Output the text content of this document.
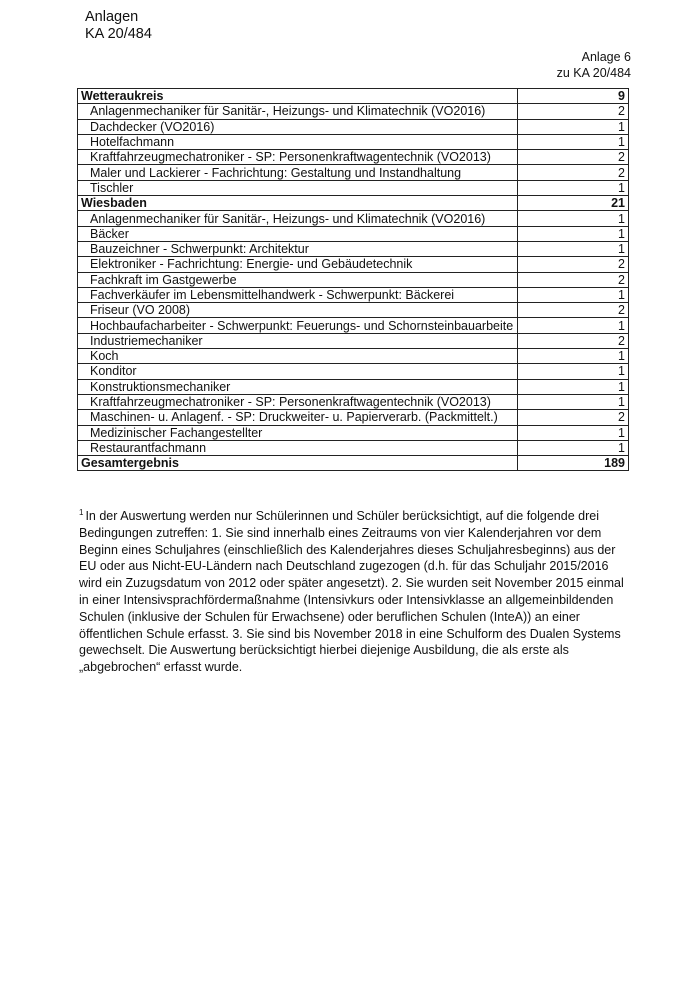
Anlagen
KA 20/484
Anlage 6
zu KA 20/484
Wetteraukreis	9
Anlagenmechaniker für Sanitär-, Heizungs- und Klimatechnik (VO2016)	2
Dachdecker (VO2016)	1
Hotelfachmann	1
Kraftfahrzeugmechatroniker - SP: Personenkraftwagentechnik (VO2013)	2
Maler und Lackierer - Fachrichtung: Gestaltung und Instandhaltung	2
Tischler	1
Wiesbaden	21
Anlagenmechaniker für Sanitär-, Heizungs- und Klimatechnik (VO2016)	1
Bäcker	1
Bauzeichner - Schwerpunkt: Architektur	1
Elektroniker - Fachrichtung: Energie- und Gebäudetechnik	2
Fachkraft im Gastgewerbe	2
Fachverkäufer im Lebensmittelhandwerk - Schwerpunkt: Bäckerei	1
Friseur (VO 2008)	2
Hochbaufacharbeiter - Schwerpunkt: Feuerungs- und Schornsteinbauarbeite	1
Industriemechaniker	2
Koch	1
Konditor	1
Konstruktionsmechaniker	1
Kraftfahrzeugmechatroniker - SP: Personenkraftwagentechnik (VO2013)	1
Maschinen- u. Anlagenf. - SP: Druckweiter- u. Papierverarb. (Packmittelt.)	2
Medizinischer Fachangestellter	1
Restaurantfachmann	1
Gesamtergebnis	189
$^1$ In der Auswertung werden nur Schülerinnen und Schüler berücksichtigt, auf die folgende drei Bedingungen zutreffen: 1. Sie sind innerhalb eines Zeitraums von vier Kalenderjahren vor dem Beginn eines Schuljahres (einschließlich des Kalenderjahres dieses Schuljahresbeginns) aus der EU oder aus Nicht-EU-Ländern nach Deutschland zugezogen (d.h. für das Schuljahr 2015/2016 wird ein Zuzugsdatum von 2012 oder später angesetzt). 2. Sie wurden seit November 2015 einmal in einer Intensivsprachfördermaßnahme (Intensivkurs oder Intensivklasse an allgemeinbildenden Schulen (inklusive der Schulen für Erwachsene) oder beruflichen Schulen (InteA)) an einer öffentlichen Schule erfasst. 3. Sie sind bis November 2018 in eine Schulform des Dualen Systems gewechselt. Die Auswertung berücksichtigt hierbei diejenige Ausbildung, die als erste als „abgebrochen“ erfasst wurde.
